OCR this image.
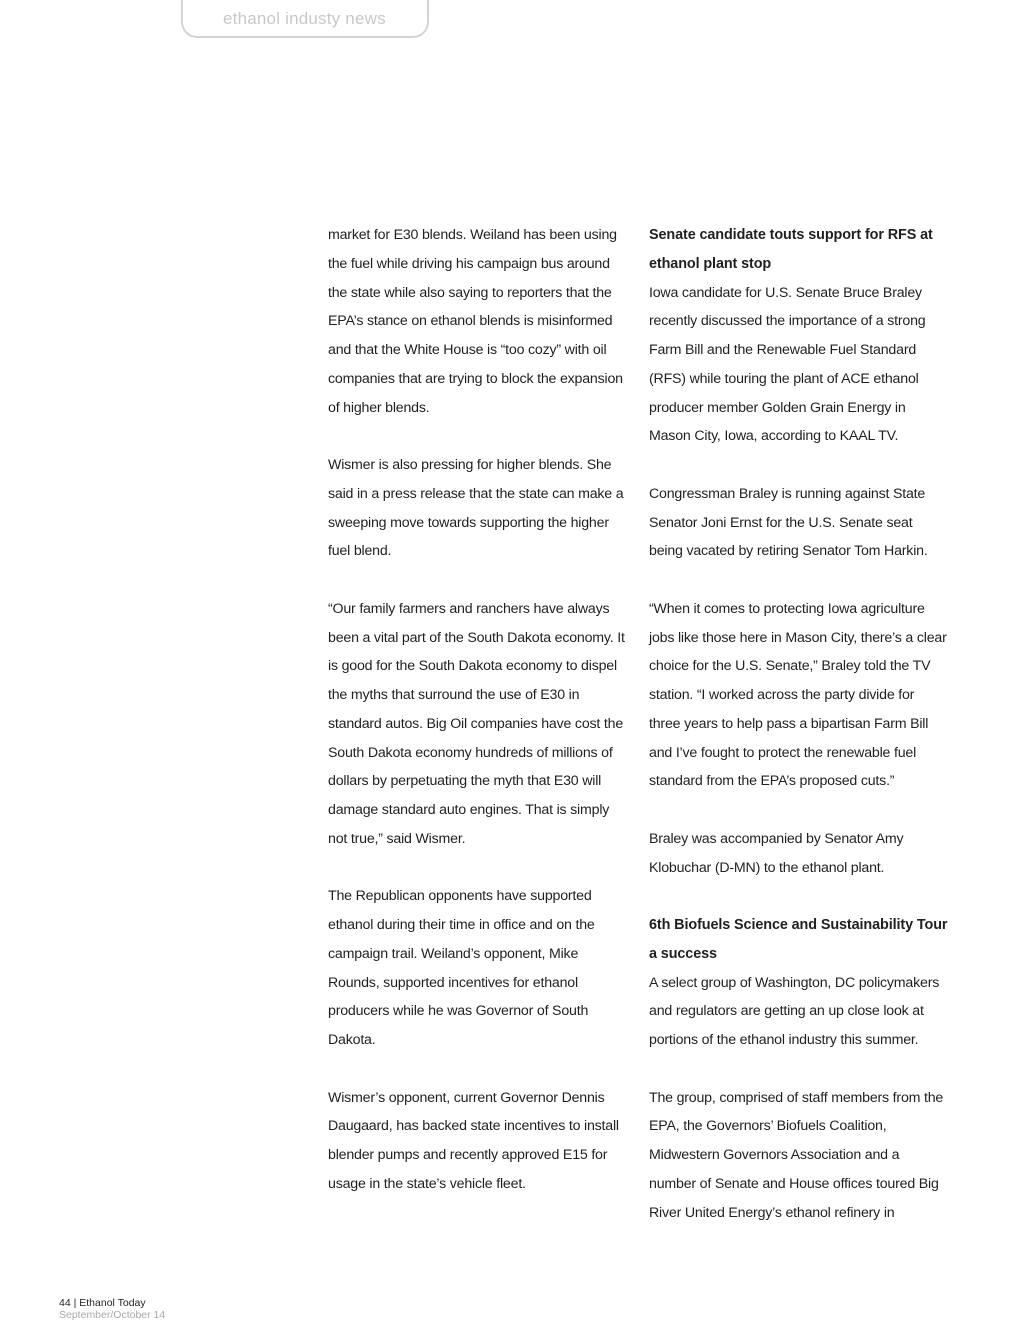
ethanol industy news

market for E30 blends. Weiland has been using the fuel while driving his campaign bus around the state while also saying to reporters that the EPA’s stance on ethanol blends is misinformed and that the White House is “too cozy” with oil companies that are trying to block the expansion of higher blends.

Wismer is also pressing for higher blends. She said in a press release that the state can make a sweeping move towards supporting the higher fuel blend.

“Our family farmers and ranchers have always been a vital part of the South Dakota economy. It is good for the South Dakota economy to dispel the myths that surround the use of E30 in standard autos. Big Oil companies have cost the South Dakota economy hundreds of millions of dollars by perpetuating the myth that E30 will damage standard auto engines. That is simply not true,” said Wismer.

The Republican opponents have supported ethanol during their time in office and on the campaign trail. Weiland’s opponent, Mike Rounds, supported incentives for ethanol producers while he was Governor of South Dakota.

Wismer’s opponent, current Governor Dennis Daugaard, has backed state incentives to install blender pumps and recently approved E15 for usage in the state’s vehicle fleet.

Senate candidate touts support for RFS at ethanol plant stop

Iowa candidate for U.S. Senate Bruce Braley recently discussed the importance of a strong Farm Bill and the Renewable Fuel Standard (RFS) while touring the plant of ACE ethanol producer member Golden Grain Energy in Mason City, Iowa, according to KAAL TV.

Congressman Braley is running against State Senator Joni Ernst for the U.S. Senate seat being vacated by retiring Senator Tom Harkin.

“When it comes to protecting Iowa agriculture jobs like those here in Mason City, there’s a clear choice for the U.S. Senate,” Braley told the TV station. “I worked across the party divide for three years to help pass a bipartisan Farm Bill and I’ve fought to protect the renewable fuel standard from the EPA’s proposed cuts.”

Braley was accompanied by Senator Amy Klobuchar (D-MN) to the ethanol plant.

6th Biofuels Science and Sustainability Tour a success

A select group of Washington, DC policymakers and regulators are getting an up close look at portions of the ethanol industry this summer.

The group, comprised of staff members from the EPA, the Governors’ Biofuels Coalition, Midwestern Governors Association and a number of Senate and House offices toured Big River United Energy’s ethanol refinery in

44 | Ethanol Today
September/October 14
